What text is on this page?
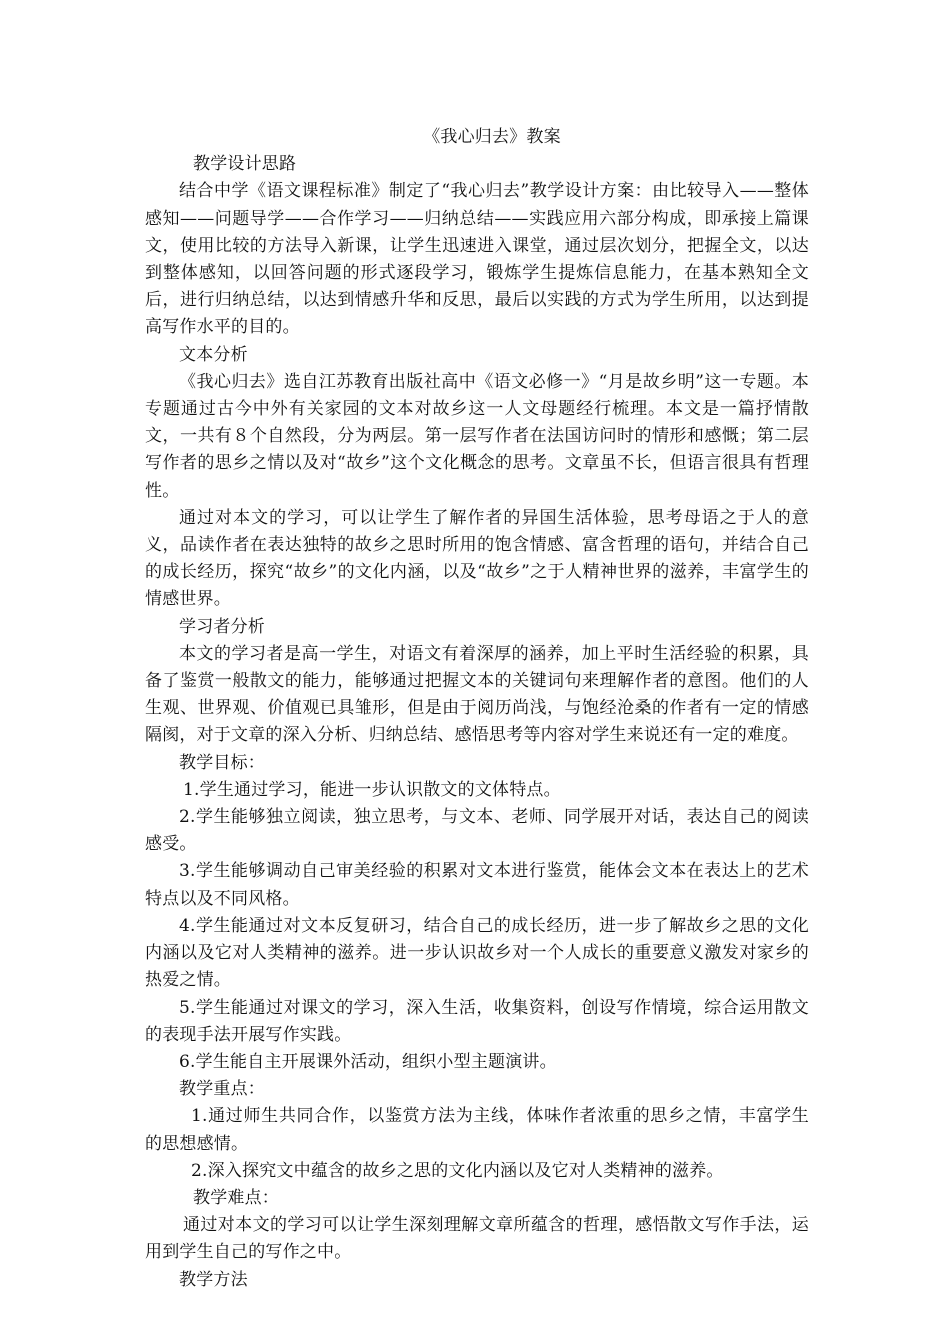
《我心归去》教案

教学设计思路

结合中学《语文课程标准》制定了“我心归去”教学设计方案：由比较导入——整体感知——问题导学——合作学习——归纳总结——实践应用六部分构成，即承接上篇课文，使用比较的方法导入新课，让学生迅速进入课堂，通过层次划分，把握全文，以达到整体感知，以回答问题的形式逐段学习，锻炼学生提炼信息能力，在基本熟知全文后，进行归纳总结，以达到情感升华和反思，最后以实践的方式为学生所用，以达到提高写作水平的目的。

文本分析

《我心归去》选自江苏教育出版社高中《语文必修一》“月是故乡明”这一专题。本专题通过古今中外有关家园的文本对故乡这一人文母题经行梳理。本文是一篇抒情散文，一共有８个自然段，分为两层。第一层写作者在法国访问时的情形和感慨；第二层写作者的思乡之情以及对“故乡”这个文化概念的思考。文章虽不长，但语言很具有哲理性。

通过对本文的学习，可以让学生了解作者的异国生活体验，思考母语之于人的意义，品读作者在表达独特的故乡之思时所用的饱含情感、富含哲理的语句，并结合自己的成长经历，探究“故乡”的文化内涵，以及“故乡”之于人精神世界的滋养，丰富学生的情感世界。

学习者分析

本文的学习者是高一学生，对语文有着深厚的涵养，加上平时生活经验的积累，具备了鉴赏一般散文的能力，能够通过把握文本的关键词句来理解作者的意图。他们的人生观、世界观、价值观已具雏形，但是由于阅历尚浅，与饱经沧桑的作者有一定的情感隔阂，对于文章的深入分析、归纳总结、感悟思考等内容对学生来说还有一定的难度。

教学目标：

1.学生通过学习，能进一步认识散文的文体特点。

2.学生能够独立阅读，独立思考，与文本、老师、同学展开对话，表达自己的阅读感受。

3.学生能够调动自己审美经验的积累对文本进行鉴赏，能体会文本在表达上的艺术特点以及不同风格。

4.学生能通过对文本反复研习，结合自己的成长经历，进一步了解故乡之思的文化内涵以及它对人类精神的滋养。进一步认识故乡对一个人成长的重要意义激发对家乡的热爱之情。

5.学生能通过对课文的学习，深入生活，收集资料，创设写作情境，综合运用散文的表现手法开展写作实践。

6.学生能自主开展课外活动，组织小型主题演讲。

教学重点：

1.通过师生共同合作，以鉴赏方法为主线，体味作者浓重的思乡之情，丰富学生的思想感情。

2.深入探究文中蕴含的故乡之思的文化内涵以及它对人类精神的滋养。

教学难点：

通过对本文的学习可以让学生深刻理解文章所蕴含的哲理，感悟散文写作手法，运用到学生自己的写作之中。

教学方法
